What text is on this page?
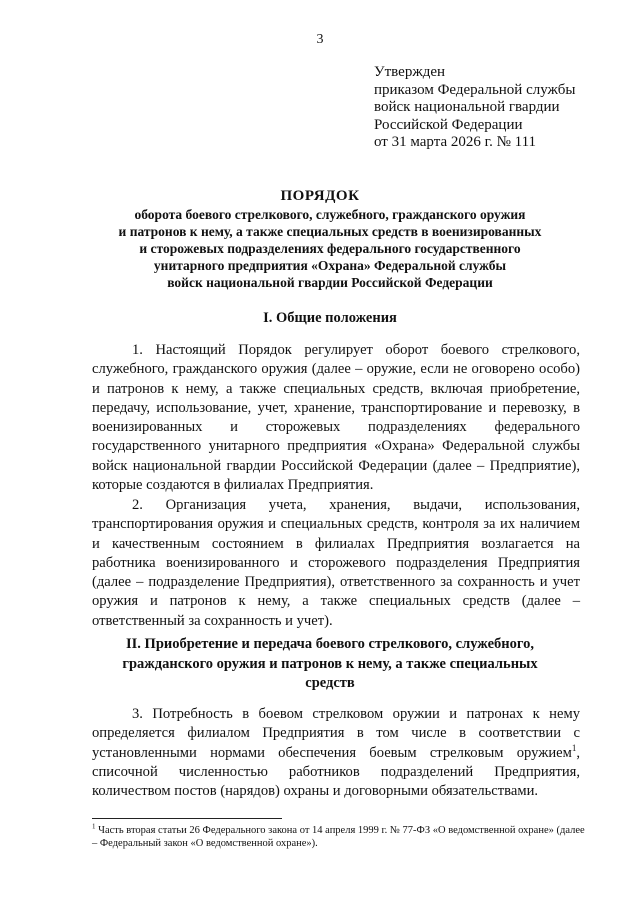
3
Утвержден
приказом Федеральной службы
войск национальной гвардии
Российской Федерации
от 31 марта 2026 г. № 111
ПОРЯДОК
оборота боевого стрелкового, служебного, гражданского оружия
и патронов к нему, а также специальных средств в военизированных
и сторожевых подразделениях федерального государственного
унитарного предприятия «Охрана» Федеральной службы
войск национальной гвардии Российской Федерации
I. Общие положения

1. Настоящий Порядок регулирует оборот боевого стрелкового, служебного, гражданского оружия (далее – оружие, если не оговорено особо) и патронов к нему, а также специальных средств, включая приобретение, передачу, использование, учет, хранение, транспортирование и перевозку, в военизированных и сторожевых подразделениях федерального государственного унитарного предприятия «Охрана» Федеральной службы войск национальной гвардии Российской Федерации (далее – Предприятие), которые создаются в филиалах Предприятия.

2. Организация учета, хранения, выдачи, использования, транспортирования оружия и специальных средств, контроля за их наличием и качественным состоянием в филиалах Предприятия возлагается на работника военизированного и сторожевого подразделения Предприятия (далее – подразделение Предприятия), ответственного за сохранность и учет оружия и патронов к нему, а также специальных средств (далее – ответственный за сохранность и учет).

II. Приобретение и передача боевого стрелкового, служебного,
гражданского оружия и патронов к нему, а также специальных
средств

3. Потребность в боевом стрелковом оружии и патронах к нему определяется филиалом Предприятия в том числе в соответствии с установленными нормами обеспечения боевым стрелковым оружием$^1$, списочной численностью работников подразделений Предприятия, количеством постов (нарядов) охраны и договорными обязательствами.

$^1$ Часть вторая статьи 26 Федерального закона от 14 апреля 1999 г. № 77-ФЗ «О ведомственной охране» (далее – Федеральный закон «О ведомственной охране»).
